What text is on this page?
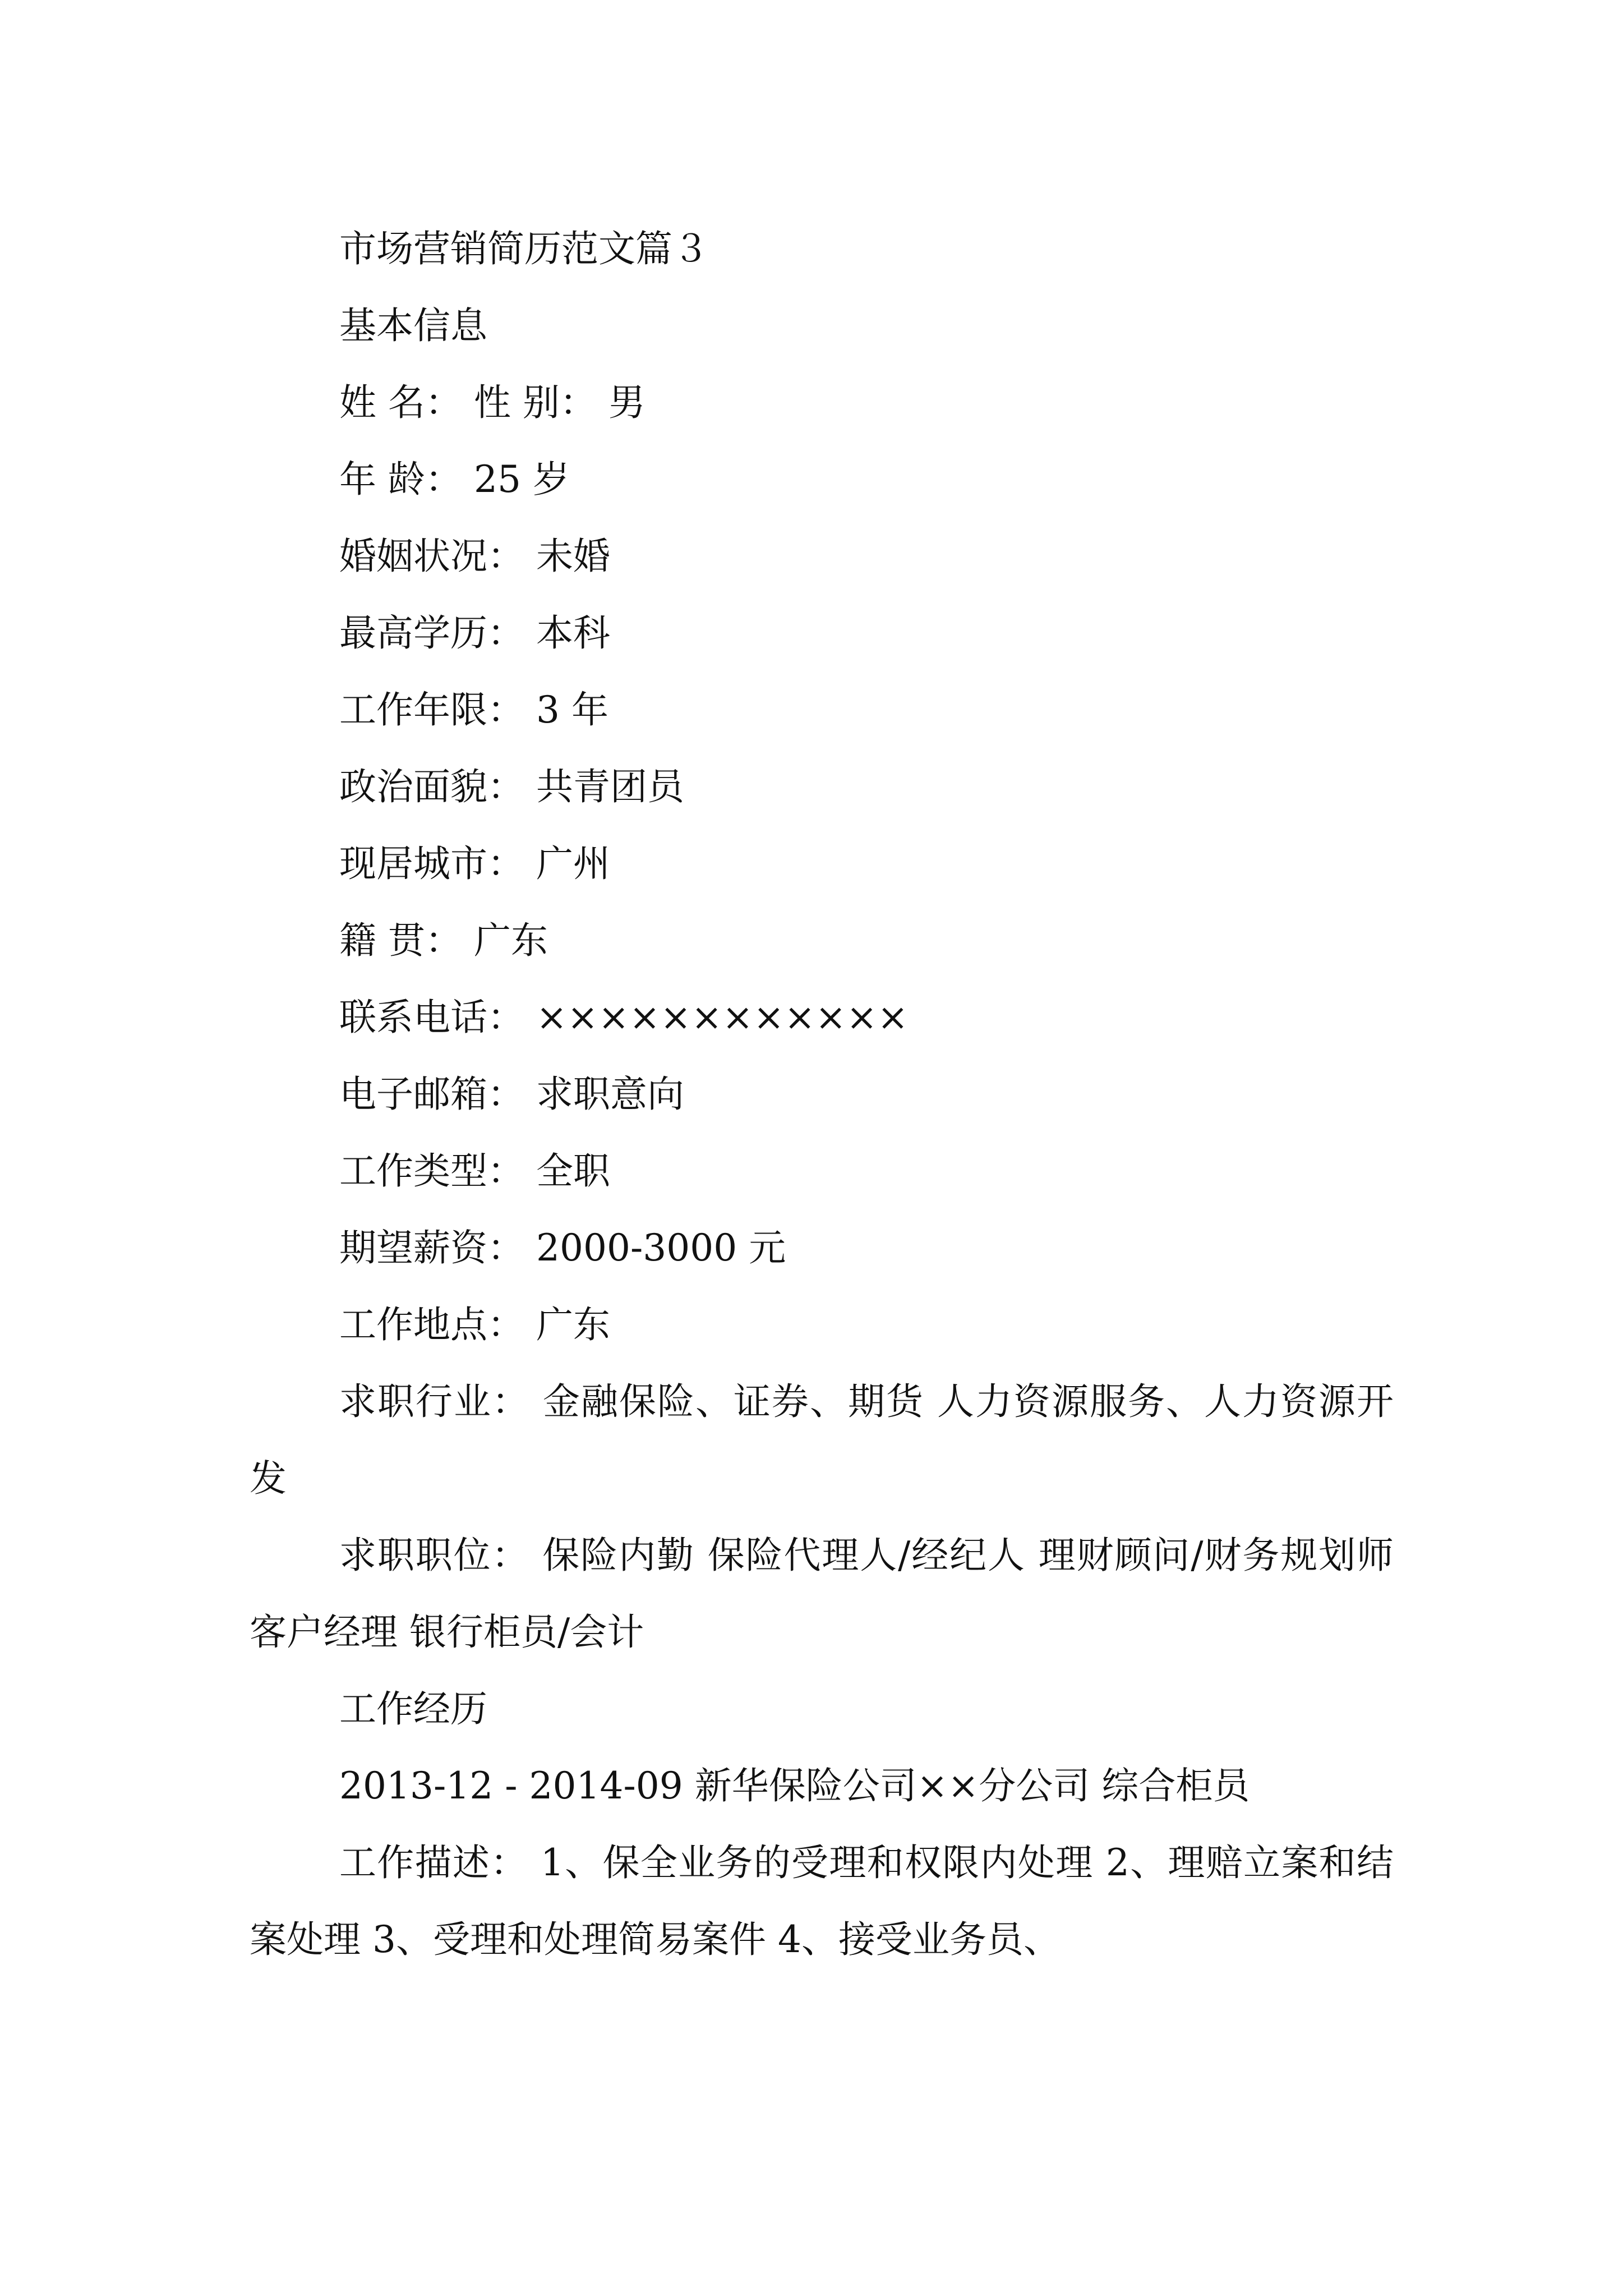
市场营销简历范文篇３

基本信息

姓 名： 性 别： 男

年 龄： 25 岁

婚姻状况： 未婚

最高学历： 本科

工作年限： 3 年

政治面貌： 共青团员

现居城市： 广州

籍 贯： 广东

联系电话： ××××××××××××

电子邮箱： 求职意向

工作类型： 全职

期望薪资： 2000-3000 元

工作地点： 广东

求职行业： 金融保险、证券、期货 人力资源服务、人力资源开发

求职职位： 保险内勤 保险代理人/经纪人 理财顾问/财务规划师 客户经理 银行柜员/会计

工作经历

2013-12 - 2014-09 新华保险公司××分公司 综合柜员

工作描述： 1、保全业务的受理和权限内处理 2、理赔立案和结案处理 3、受理和处理简易案件 4、接受业务员、
